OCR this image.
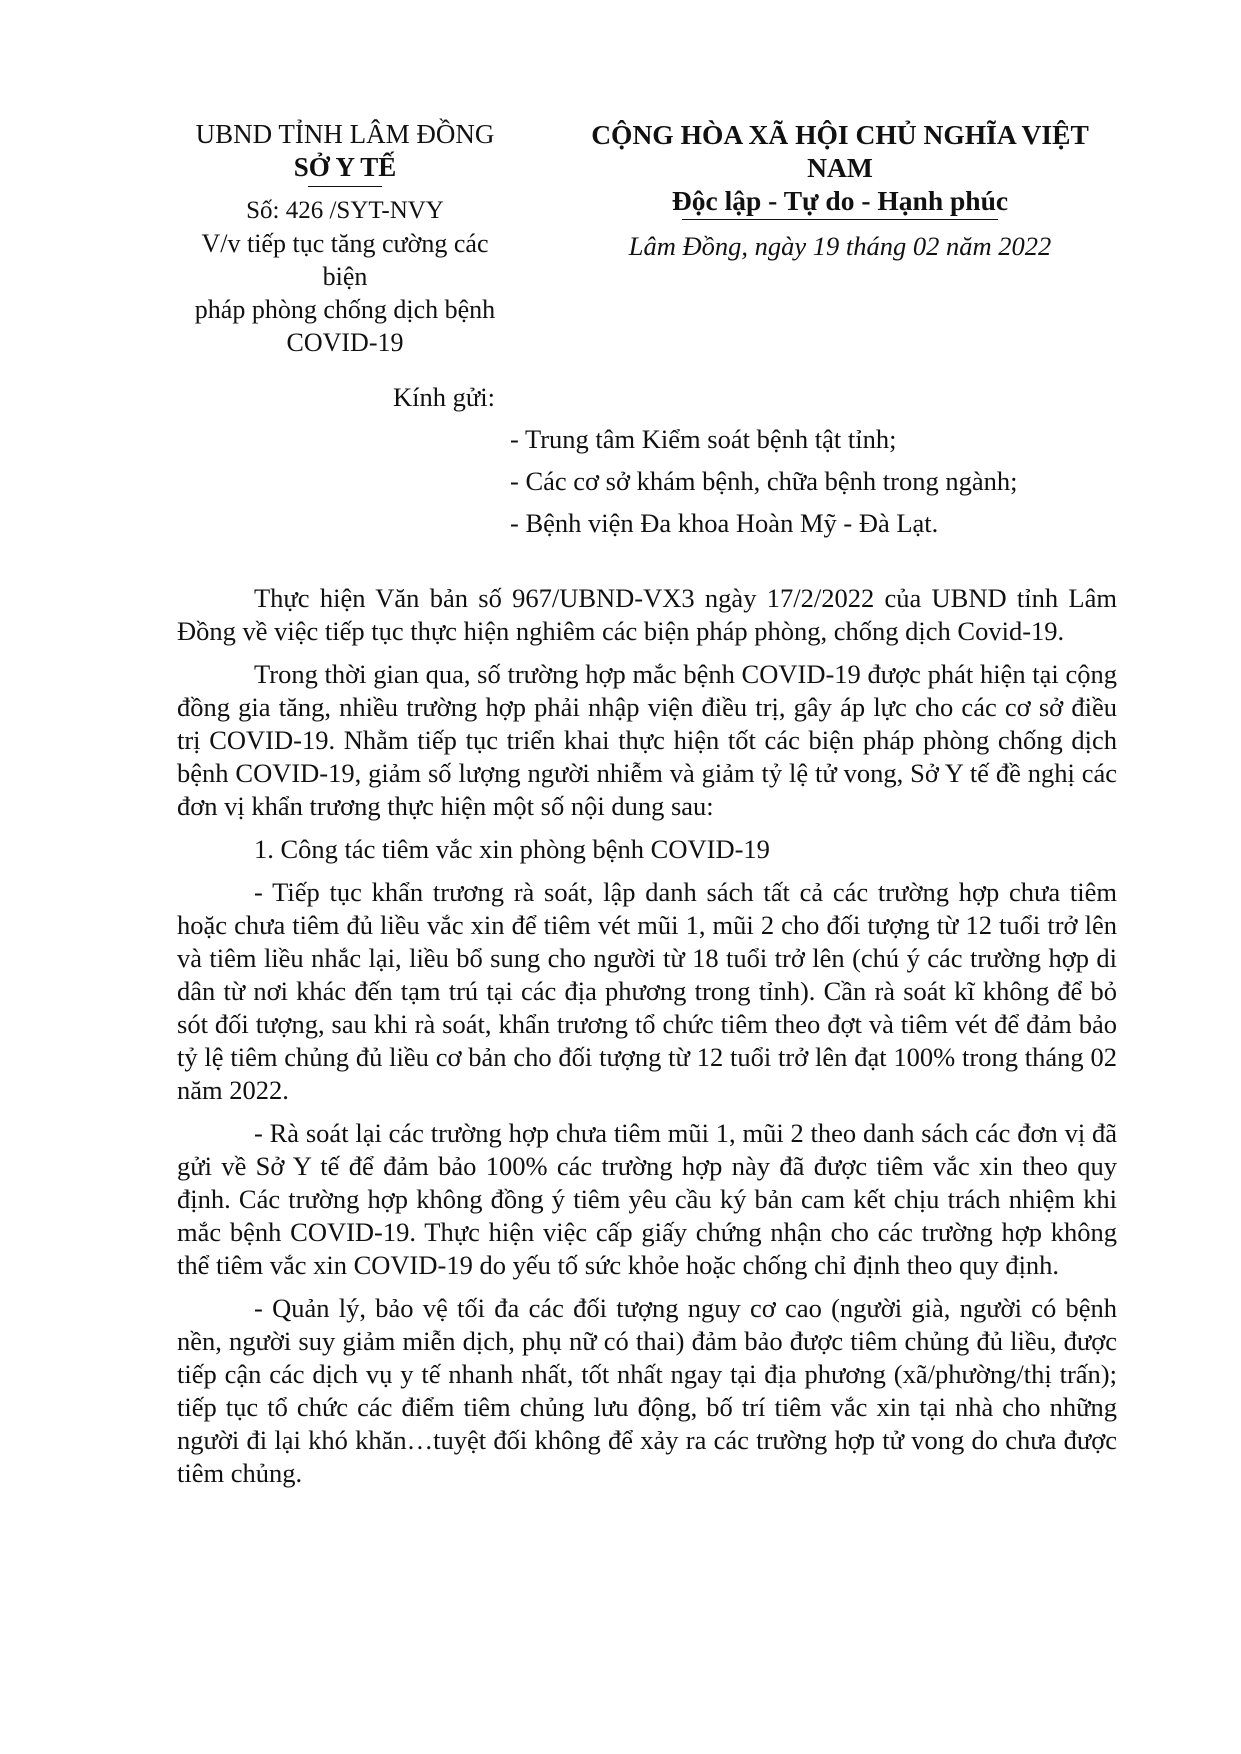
UBND TỈNH LÂM ĐỒNG
SỞ Y TẾ
Số: 426 /SYT-NVY
V/v tiếp tục tăng cường các biện
pháp phòng chống dịch bệnh
COVID-19
CỘNG HÒA XÃ HỘI CHỦ NGHĨA VIỆT NAM
Độc lập - Tự do - Hạnh phúc
Lâm Đồng, ngày 19 tháng 02 năm 2022
Kính gửi:
- Trung tâm Kiểm soát bệnh tật tỉnh;
- Các cơ sở khám bệnh, chữa bệnh trong ngành;
- Bệnh viện Đa khoa Hoàn Mỹ - Đà Lạt.

Thực hiện Văn bản số 967/UBND-VX3 ngày 17/2/2022 của UBND tỉnh Lâm Đồng về việc tiếp tục thực hiện nghiêm các biện pháp phòng, chống dịch Covid-19.

Trong thời gian qua, số trường hợp mắc bệnh COVID-19 được phát hiện tại cộng đồng gia tăng, nhiều trường hợp phải nhập viện điều trị, gây áp lực cho các cơ sở điều trị COVID-19. Nhằm tiếp tục triển khai thực hiện tốt các biện pháp phòng chống dịch bệnh COVID-19, giảm số lượng người nhiễm và giảm tỷ lệ tử vong, Sở Y tế đề nghị các đơn vị khẩn trương thực hiện một số nội dung sau:

1. Công tác tiêm vắc xin phòng bệnh COVID-19

- Tiếp tục khẩn trương rà soát, lập danh sách tất cả các trường hợp chưa tiêm hoặc chưa tiêm đủ liều vắc xin để tiêm vét mũi 1, mũi 2 cho đối tượng từ 12 tuổi trở lên và tiêm liều nhắc lại, liều bổ sung cho người từ 18 tuổi trở lên (chú ý các trường hợp di dân từ nơi khác đến tạm trú tại các địa phương trong tỉnh). Cần rà soát kĩ không để bỏ sót đối tượng, sau khi rà soát, khẩn trương tổ chức tiêm theo đợt và tiêm vét để đảm bảo tỷ lệ tiêm chủng đủ liều cơ bản cho đối tượng từ 12 tuổi trở lên đạt 100% trong tháng 02 năm 2022.

- Rà soát lại các trường hợp chưa tiêm mũi 1, mũi 2 theo danh sách các đơn vị đã gửi về Sở Y tế để đảm bảo 100% các trường hợp này đã được tiêm vắc xin theo quy định. Các trường hợp không đồng ý tiêm yêu cầu ký bản cam kết chịu trách nhiệm khi mắc bệnh COVID-19. Thực hiện việc cấp giấy chứng nhận cho các trường hợp không thể tiêm vắc xin COVID-19 do yếu tố sức khỏe hoặc chống chỉ định theo quy định.

- Quản lý, bảo vệ tối đa các đối tượng nguy cơ cao (người già, người có bệnh nền, người suy giảm miễn dịch, phụ nữ có thai) đảm bảo được tiêm chủng đủ liều, được tiếp cận các dịch vụ y tế nhanh nhất, tốt nhất ngay tại địa phương (xã/phường/thị trấn); tiếp tục tổ chức các điểm tiêm chủng lưu động, bố trí tiêm vắc xin tại nhà cho những người đi lại khó khăn…tuyệt đối không để xảy ra các trường hợp tử vong do chưa được tiêm chủng.
